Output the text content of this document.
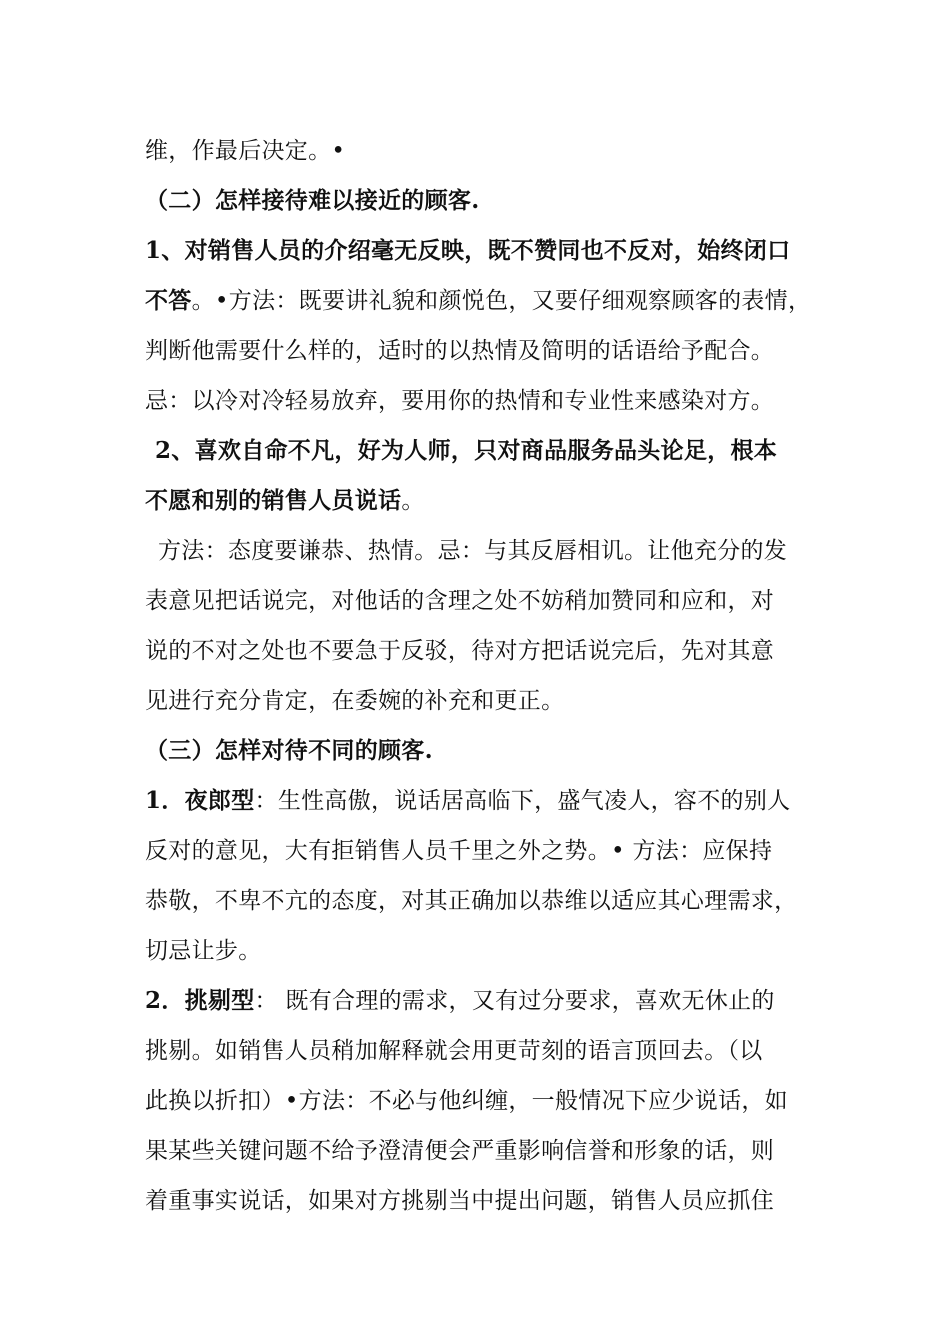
维，作最后决定。•
（二）怎样接待难以接近的顾客.
1、对销售人员的介绍毫无反映，既不赞同也不反对，始终闭口
不答。•方法：既要讲礼貌和颜悦色，又要仔细观察顾客的表情，
判断他需要什么样的，适时的以热情及简明的话语给予配合。
忌：以冷对冷轻易放弃，要用你的热情和专业性来感染对方。
2、喜欢自命不凡，好为人师，只对商品服务品头论足，根本
不愿和别的销售人员说话。
方法：态度要谦恭、热情。忌：与其反唇相讥。让他充分的发
表意见把话说完，对他话的含理之处不妨稍加赞同和应和，对
说的不对之处也不要急于反驳，待对方把话说完后，先对其意
见进行充分肯定，在委婉的补充和更正。
（三）怎样对待不同的顾客.
1．夜郎型：生性高傲，说话居高临下，盛气凌人，容不的别人
反对的意见，大有拒销售人员千里之外之势。• 方法：应保持
恭敬，不卑不亢的态度，对其正确加以恭维以适应其心理需求，
切忌让步。
2．挑剔型： 既有合理的需求，又有过分要求，喜欢无休止的
挑剔。如销售人员稍加解释就会用更苛刻的语言顶回去。（以
此换以折扣）•方法：不必与他纠缠，一般情况下应少说话，如
果某些关键问题不给予澄清便会严重影响信誉和形象的话，则
着重事实说话，如果对方挑剔当中提出问题，销售人员应抓住
